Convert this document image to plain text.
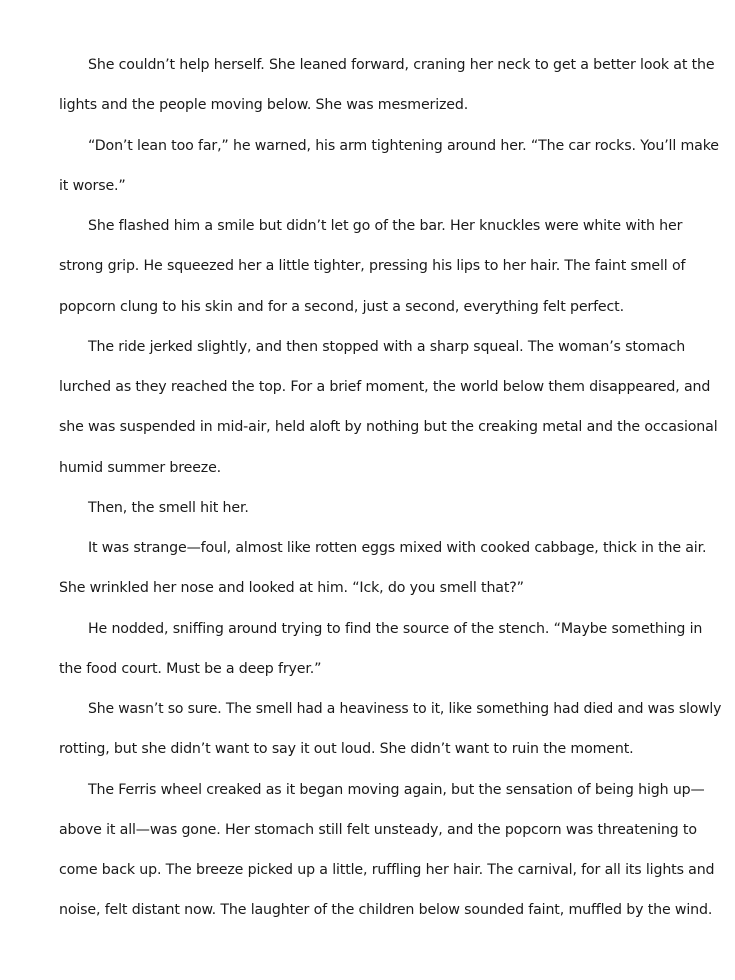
She couldn’t help herself. She leaned forward, craning her neck to get a better look at the
lights and the people moving below. She was mesmerized.
“Don’t lean too far,” he warned, his arm tightening around her. “The car rocks. You’ll make
it worse.”
She flashed him a smile but didn’t let go of the bar. Her knuckles were white with her
strong grip. He squeezed her a little tighter, pressing his lips to her hair. The faint smell of
popcorn clung to his skin and for a second, just a second, everything felt perfect.
The ride jerked slightly, and then stopped with a sharp squeal. The woman’s stomach
lurched as they reached the top. For a brief moment, the world below them disappeared, and
she was suspended in mid-air, held aloft by nothing but the creaking metal and the occasional
humid summer breeze.
Then, the smell hit her.
It was strange—foul, almost like rotten eggs mixed with cooked cabbage, thick in the air.
She wrinkled her nose and looked at him. “Ick, do you smell that?”
He nodded, sniffing around trying to find the source of the stench. “Maybe something in
the food court. Must be a deep fryer.”
She wasn’t so sure. The smell had a heaviness to it, like something had died and was slowly
rotting, but she didn’t want to say it out loud. She didn’t want to ruin the moment.
The Ferris wheel creaked as it began moving again, but the sensation of being high up—
above it all—was gone. Her stomach still felt unsteady, and the popcorn was threatening to
come back up. The breeze picked up a little, ruffling her hair. The carnival, for all its lights and
noise, felt distant now. The laughter of the children below sounded faint, muffled by the wind.
